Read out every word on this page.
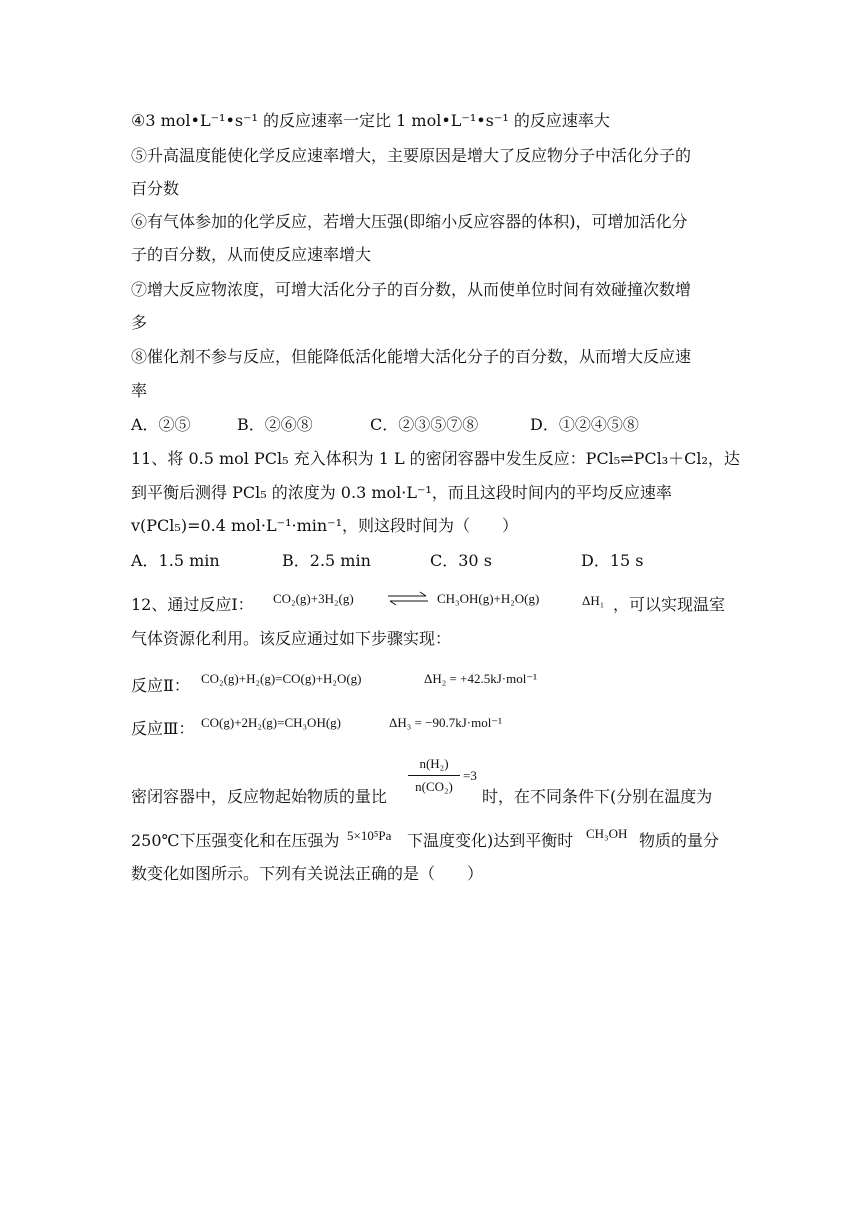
④3 mol•L⁻¹•s⁻¹ 的反应速率一定比 1 mol•L⁻¹•s⁻¹ 的反应速率大
⑤升高温度能使化学反应速率增大，主要原因是增大了反应物分子中活化分子的
百分数
⑥有气体参加的化学反应，若增大压强(即缩小反应容器的体积)，可增加活化分
子的百分数，从而使反应速率增大
⑦增大反应物浓度，可增大活化分子的百分数，从而使单位时间有效碰撞次数增
多
⑧催化剂不参与反应，但能降低活化能增大活化分子的百分数，从而增大反应速
率
A．②⑤	B．②⑥⑧	C．②③⑤⑦⑧	D．①②④⑤⑧
11、将 0.5 mol PCl₅ 充入体积为 1 L 的密闭容器中发生反应：PCl₅⇌PCl₃＋Cl₂，达
到平衡后测得 PCl₅ 的浓度为 0.3 mol·L⁻¹，而且这段时间内的平均反应速率
v(PCl₅)=0.4 mol·L⁻¹·min⁻¹，则这段时间为（　　）
A．1.5 min	B．2.5 min	C．30 s	D．15 s
12、通过反应Ⅰ： CO₂(g)+3H₂(g) ⇌ CH₃OH(g)+H₂O(g)	ΔH₁ ，可以实现温室
气体资源化利用。该反应通过如下步骤实现：
反应Ⅱ： CO₂(g)+H₂(g)=CO(g)+H₂O(g)	ΔH₂ = +42.5kJ·mol⁻¹
反应Ⅲ： CO(g)+2H₂(g)=CH₃OH(g)	ΔH₃ = −90.7kJ·mol⁻¹
密闭容器中，反应物起始物质的量比
n(H₂)
n(CO₂)
=3
时，在不同条件下(分别在温度为
250℃下压强变化和在压强为 5×10⁵Pa 下温度变化)达到平衡时 CH₃OH 物质的量分
数变化如图所示。下列有关说法正确的是（　　）
